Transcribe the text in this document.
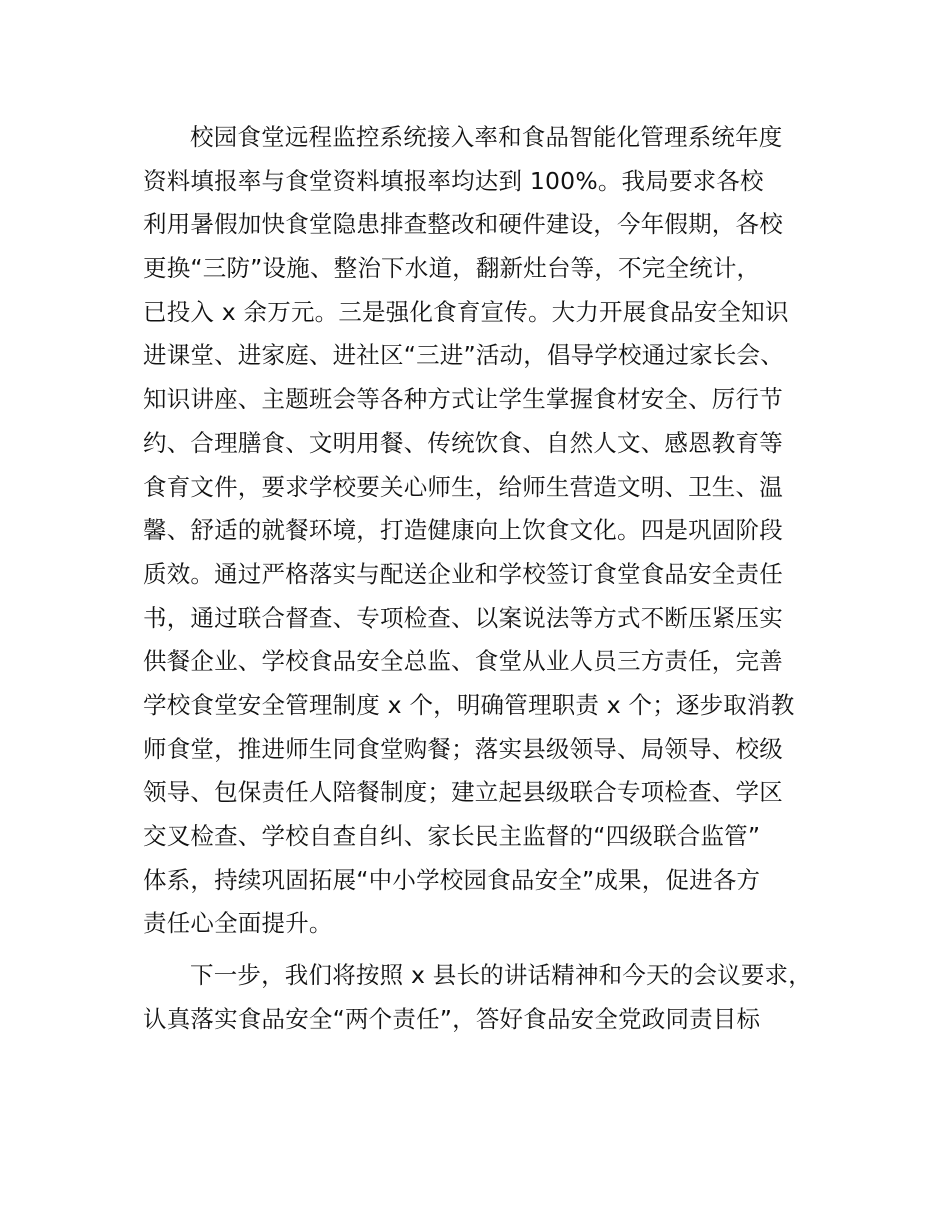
校园食堂远程监控系统接入率和食品智能化管理系统年度
资料填报率与食堂资料填报率均达到 100%。我局要求各校
利用暑假加快食堂隐患排查整改和硬件建设，今年假期，各校
更换“三防”设施、整治下水道，翻新灶台等，不完全统计，
已投入 x 余万元。三是强化食育宣传。大力开展食品安全知识
进课堂、进家庭、进社区“三进”活动，倡导学校通过家长会、
知识讲座、主题班会等各种方式让学生掌握食材安全、厉行节
约、合理膳食、文明用餐、传统饮食、自然人文、感恩教育等
食育文件，要求学校要关心师生，给师生营造文明、卫生、温
馨、舒适的就餐环境，打造健康向上饮食文化。四是巩固阶段
质效。通过严格落实与配送企业和学校签订食堂食品安全责任
书，通过联合督查、专项检查、以案说法等方式不断压紧压实
供餐企业、学校食品安全总监、食堂从业人员三方责任，完善
学校食堂安全管理制度 x 个，明确管理职责 x 个；逐步取消教
师食堂，推进师生同食堂购餐；落实县级领导、局领导、校级
领导、包保责任人陪餐制度；建立起县级联合专项检查、学区
交叉检查、学校自查自纠、家长民主监督的“四级联合监管”
体系，持续巩固拓展“中小学校园食品安全”成果，促进各方
责任心全面提升。
下一步，我们将按照 x 县长的讲话精神和今天的会议要求，
认真落实食品安全“两个责任”，答好食品安全党政同责目标
